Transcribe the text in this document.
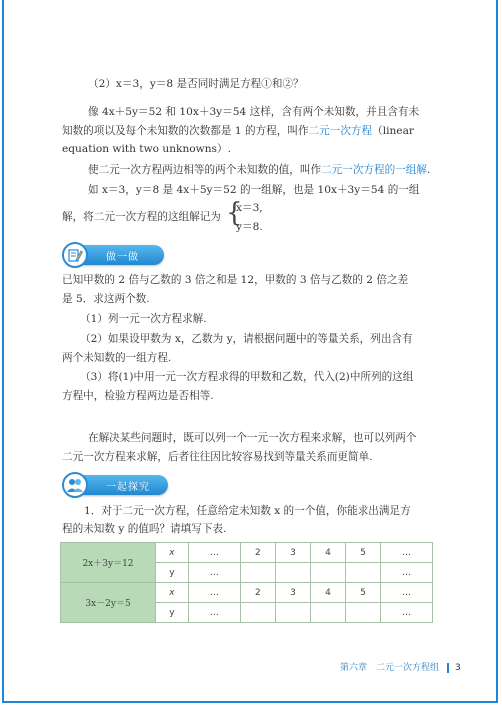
（2）x＝3，y＝8 是否同时满足方程①和②？
像 4x＋5y＝52 和 10x＋3y＝54 这样，含有两个未知数，并且含有未
知数的项以及每个未知数的次数都是 1 的方程，叫作二元一次方程（linear
equation with two unknowns）.
使二元一次方程两边相等的两个未知数的值，叫作二元一次方程的一组解.
如 x＝3，y＝8 是 4x＋5y＝52 的一组解，也是 10x＋3y＝54 的一组
解，将二元一次方程的这组解记为 {
x＝3,
y＝8.
做一做
已知甲数的 2 倍与乙数的 3 倍之和是 12，甲数的 3 倍与乙数的 2 倍之差
是 5．求这两个数.
（1）列一元一次方程求解.
（2）如果设甲数为 x，乙数为 y，请根据问题中的等量关系，列出含有
两个未知数的一组方程.
（3）将(1)中用一元一次方程求得的甲数和乙数，代入(2)中所列的这组
方程中，检验方程两边是否相等.
在解决某些问题时，既可以列一个一元一次方程来求解，也可以列两个
二元一次方程来求解，后者往往因比较容易找到等量关系而更简单.
一起探究
1．对于二元一次方程，任意给定未知数 x 的一个值，你能求出满足方
程的未知数 y 的值吗？请填写下表.
2x＋3y＝12	x	…	2	3	4	5	…
	y	…					…
3x－2y＝5	x	…	2	3	4	5	…
	y	…					…
第六章　二元一次方程组 3
